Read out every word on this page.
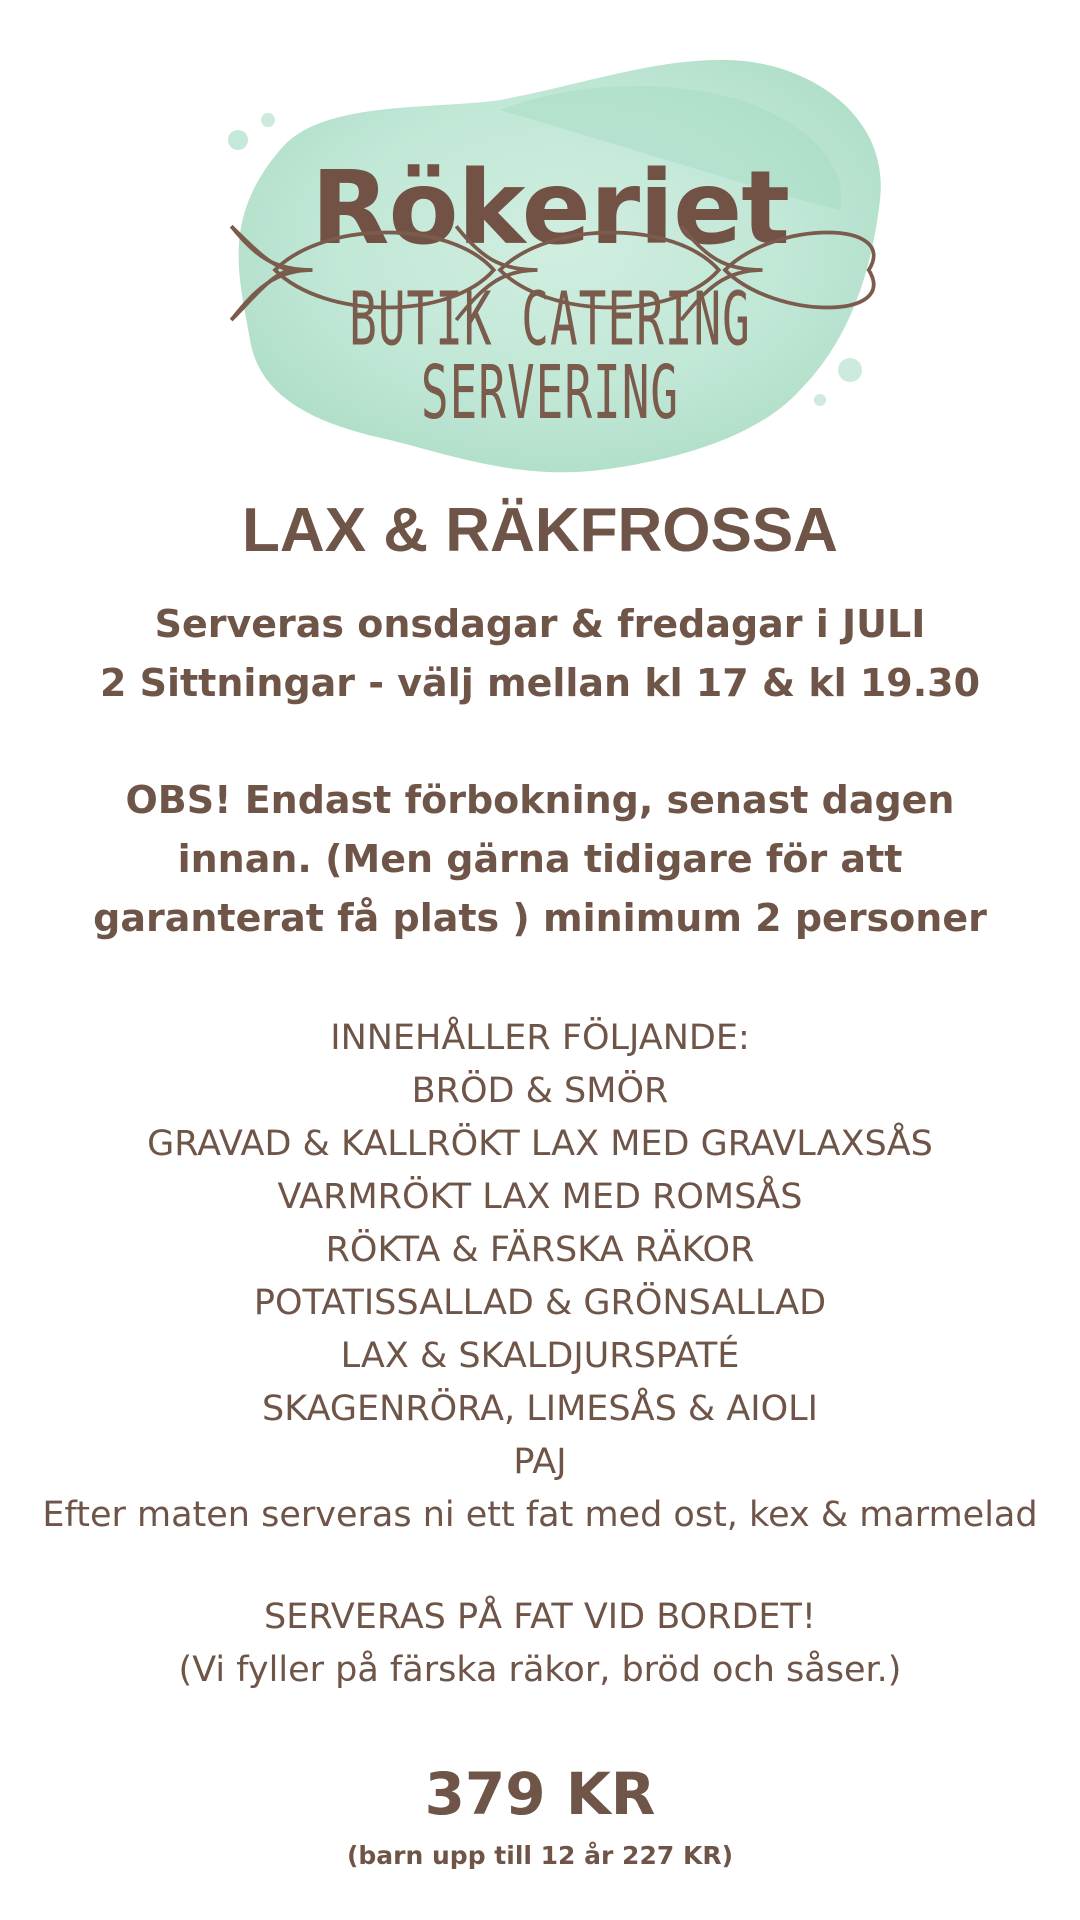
Rökeriet
BUTIK CATERING SERVERING
LAX & RÄKFROSSA
Serveras onsdagar & fredagar i JULI
2 Sittningar - välj mellan kl 17 & kl 19.30
OBS! Endast förbokning, senast dagen
innan. (Men gärna tidigare för att
garanterat få plats ) minimum 2 personer
INNEHÅLLER FÖLJANDE:
BRÖD & SMÖR
GRAVAD & KALLRÖKT LAX MED GRAVLAXSÅS
VARMRÖKT LAX MED ROMSÅS
RÖKTA & FÄRSKA RÄKOR
POTATISSALLAD & GRÖNSALLAD
LAX & SKALDJURSPATÉ
SKAGENRÖRA, LIMESÅS & AIOLI
PAJ
Efter maten serveras ni ett fat med ost, kex & marmelad
SERVERAS PÅ FAT VID BORDET!
(Vi fyller på färska räkor, bröd och såser.)
379 KR
(barn upp till 12 år 227 KR)
